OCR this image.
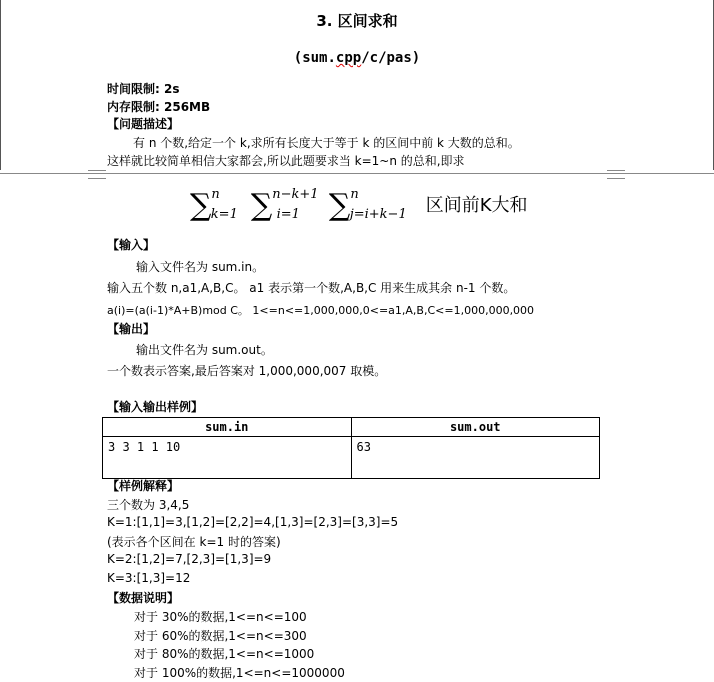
3. 区间求和
(sum.cpp/c/pas)
时间限制: 2s
内存限制: 256MB
【问题描述】
有 n 个数,给定一个 k,求所有长度大于等于 k 的区间中前 k 大数的总和。
这样就比较简单相信大家都会,所以此题要求当 k=1~n 的总和,即求
∑$^n_{k=1}$ ∑$^{n-k+1}_{i=1}$ ∑$^n_{j=i+k-1}$ 区间前K大和
【输入】
输入文件名为 sum.in。
输入五个数 n,a1,A,B,C。 a1 表示第一个数,A,B,C 用来生成其余 n-1 个数。
a(i)=(a(i-1)*A+B)mod C。 1<=n<=1,000,000,0<=a1,A,B,C<=1,000,000,000
【输出】
输出文件名为 sum.out。
一个数表示答案,最后答案对 1,000,000,007 取模。
【输入输出样例】
sum.in	sum.out
3 3 1 1 10	63
【样例解释】
三个数为 3,4,5
K=1:[1,1]=3,[1,2]=[2,2]=4,[1,3]=[2,3]=[3,3]=5
(表示各个区间在 k=1 时的答案)
K=2:[1,2]=7,[2,3]=[1,3]=9
K=3:[1,3]=12
【数据说明】
对于 30%的数据,1<=n<=100
对于 60%的数据,1<=n<=300
对于 80%的数据,1<=n<=1000
对于 100%的数据,1<=n<=1000000
